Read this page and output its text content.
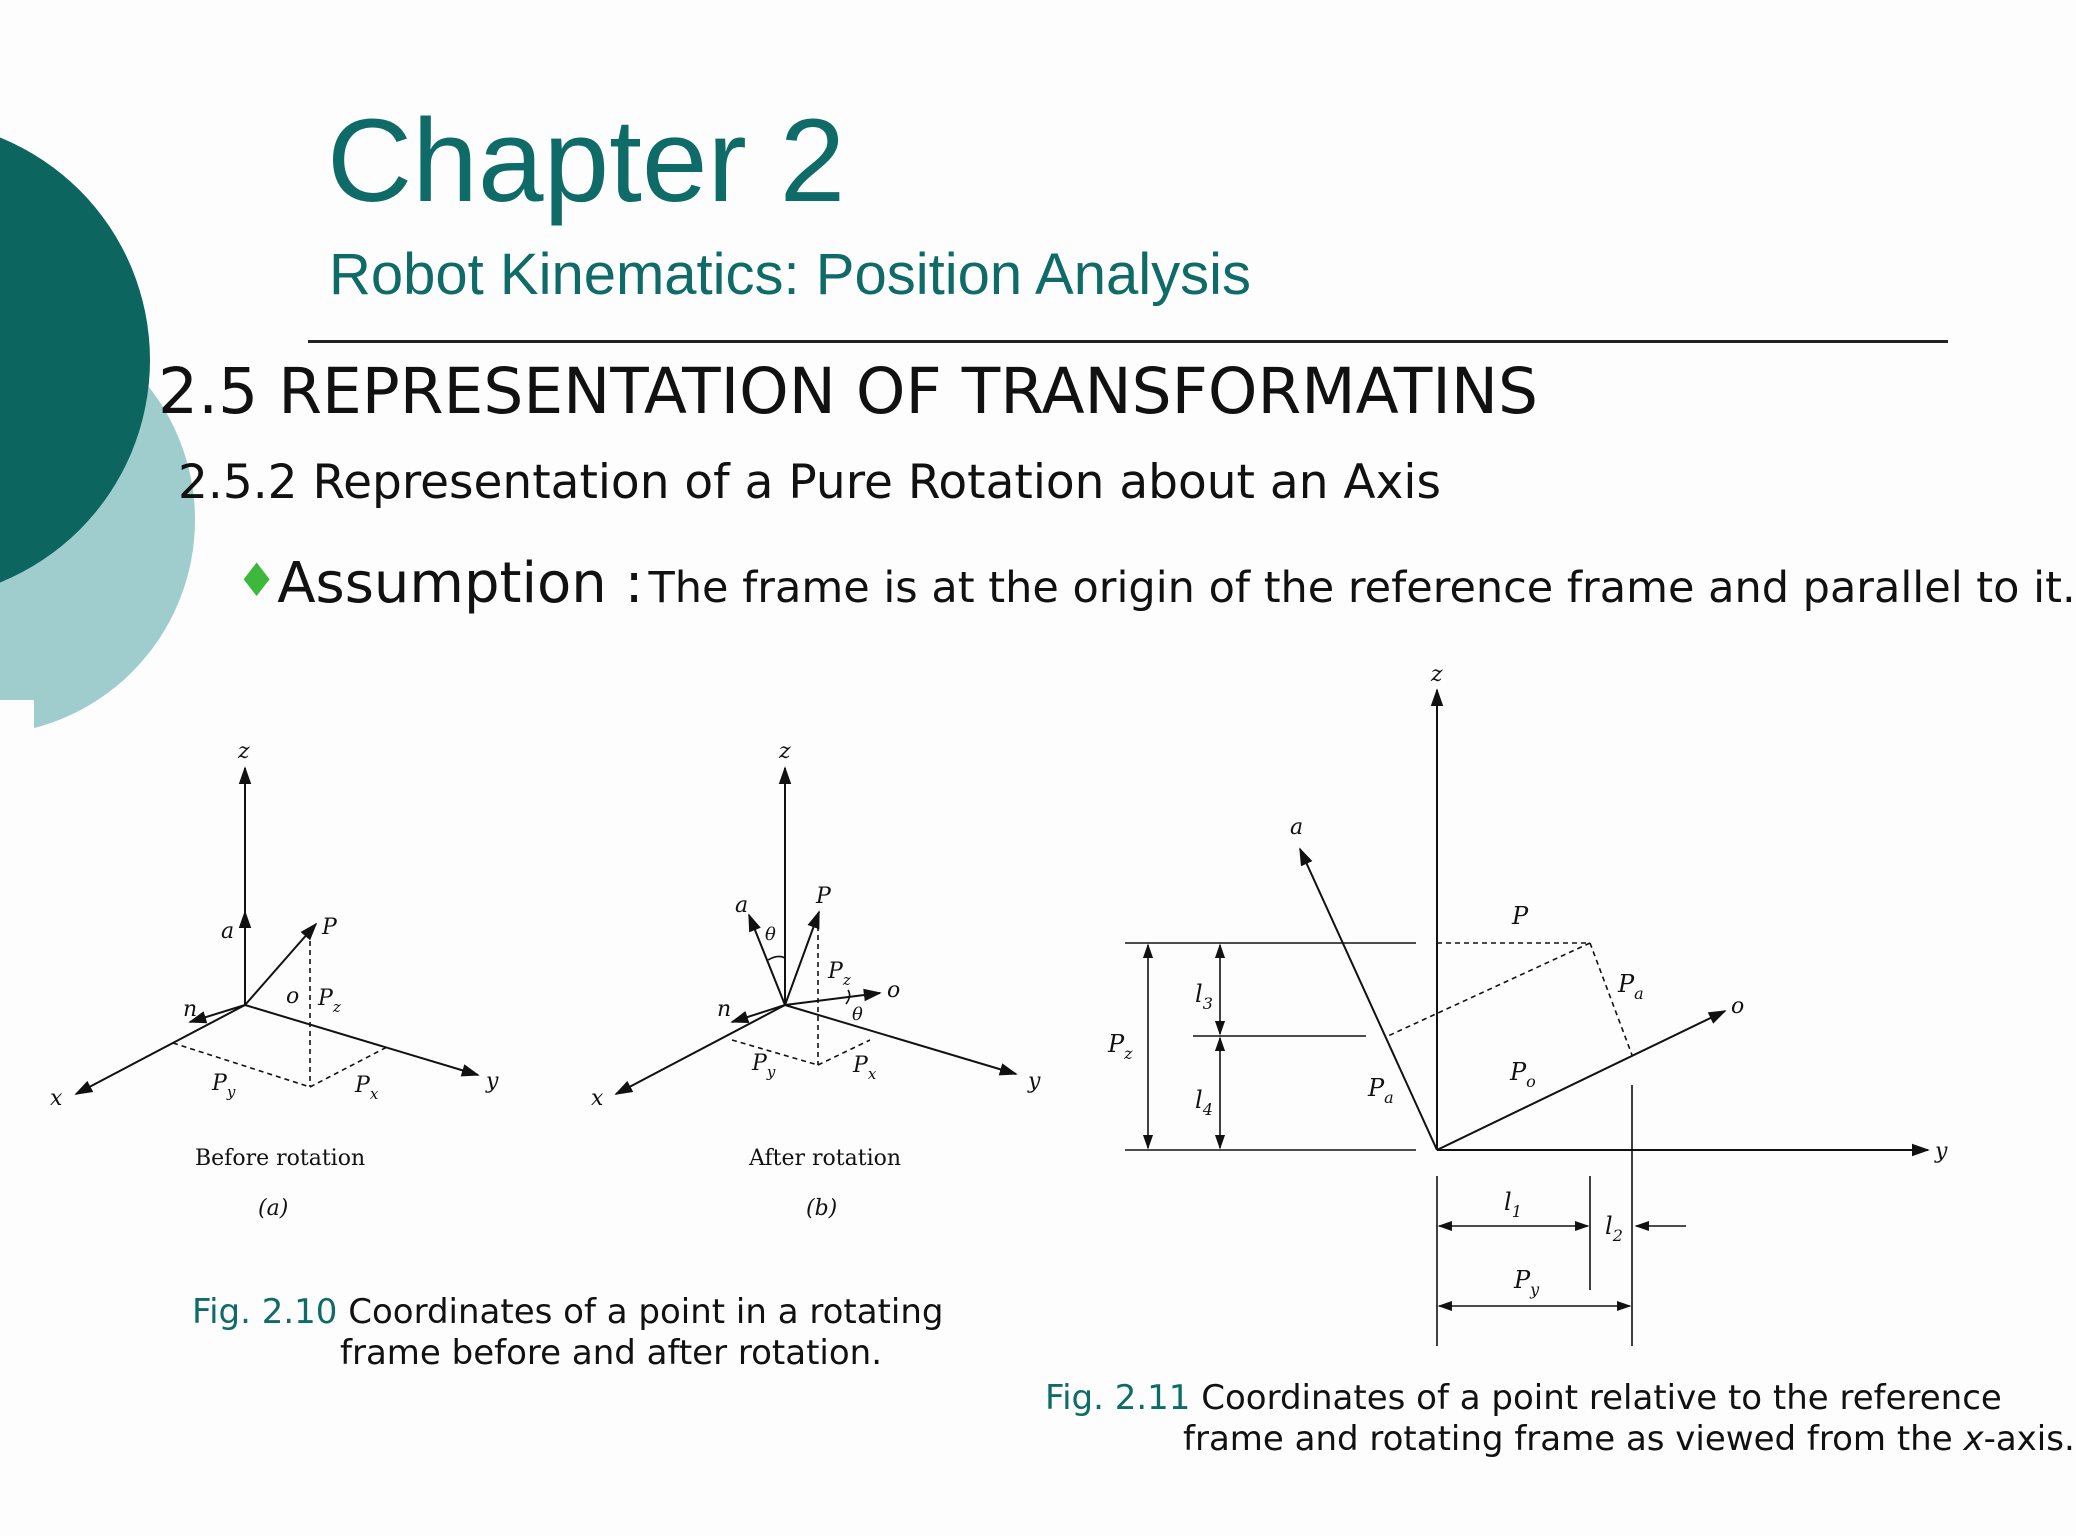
Chapter 2
Robot Kinematics: Position Analysis
2.5 REPRESENTATION OF TRANSFORMATINS
2.5.2 Representation of a Pure Rotation about an Axis
♦Assumption : The frame is at the origin of the reference frame and parallel to it.
z
a	P
n
o $P_z$
x
y
$P_y$	$P_x$
Before rotation
(a)
z
a	P
θ
$P_z$ o
θ
n
x
y
$P_y$	$P_x$
After rotation
(b)
z
a
P
$P_a$
o
$l_3$
$P_z$
$P_o$
$P_a$
$l_4$
y
$l_1$
$l_2$
$P_y$
Fig. 2.10 Coordinates of a point in a rotating
frame before and after rotation.
Fig. 2.11 Coordinates of a point relative to the reference
frame and rotating frame as viewed from the x-axis.
